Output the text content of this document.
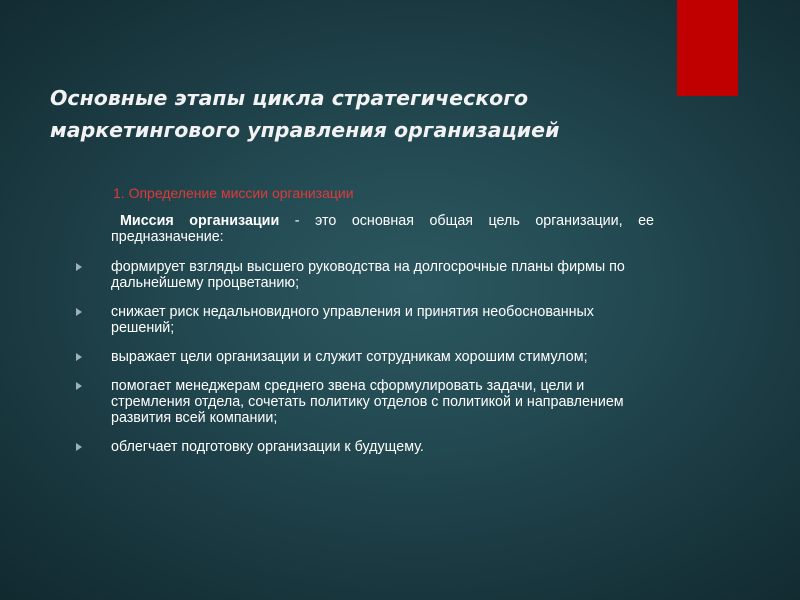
Основные этапы цикла стратегического маркетингового управления организацией
1. Определение миссии организации

Миссия организации - это основная общая цель организации, ее предназначение:

формирует взгляды высшего руководства на долгосрочные планы фирмы по дальнейшему процветанию;
снижает риск недальновидного управления и принятия необоснованных решений;
выражает цели организации и служит сотрудникам хорошим стимулом;
помогает менеджерам среднего звена сформулировать задачи, цели и стремления отдела, сочетать политику отделов с политикой и направлением развития всей компании;
облегчает подготовку организации к будущему.
